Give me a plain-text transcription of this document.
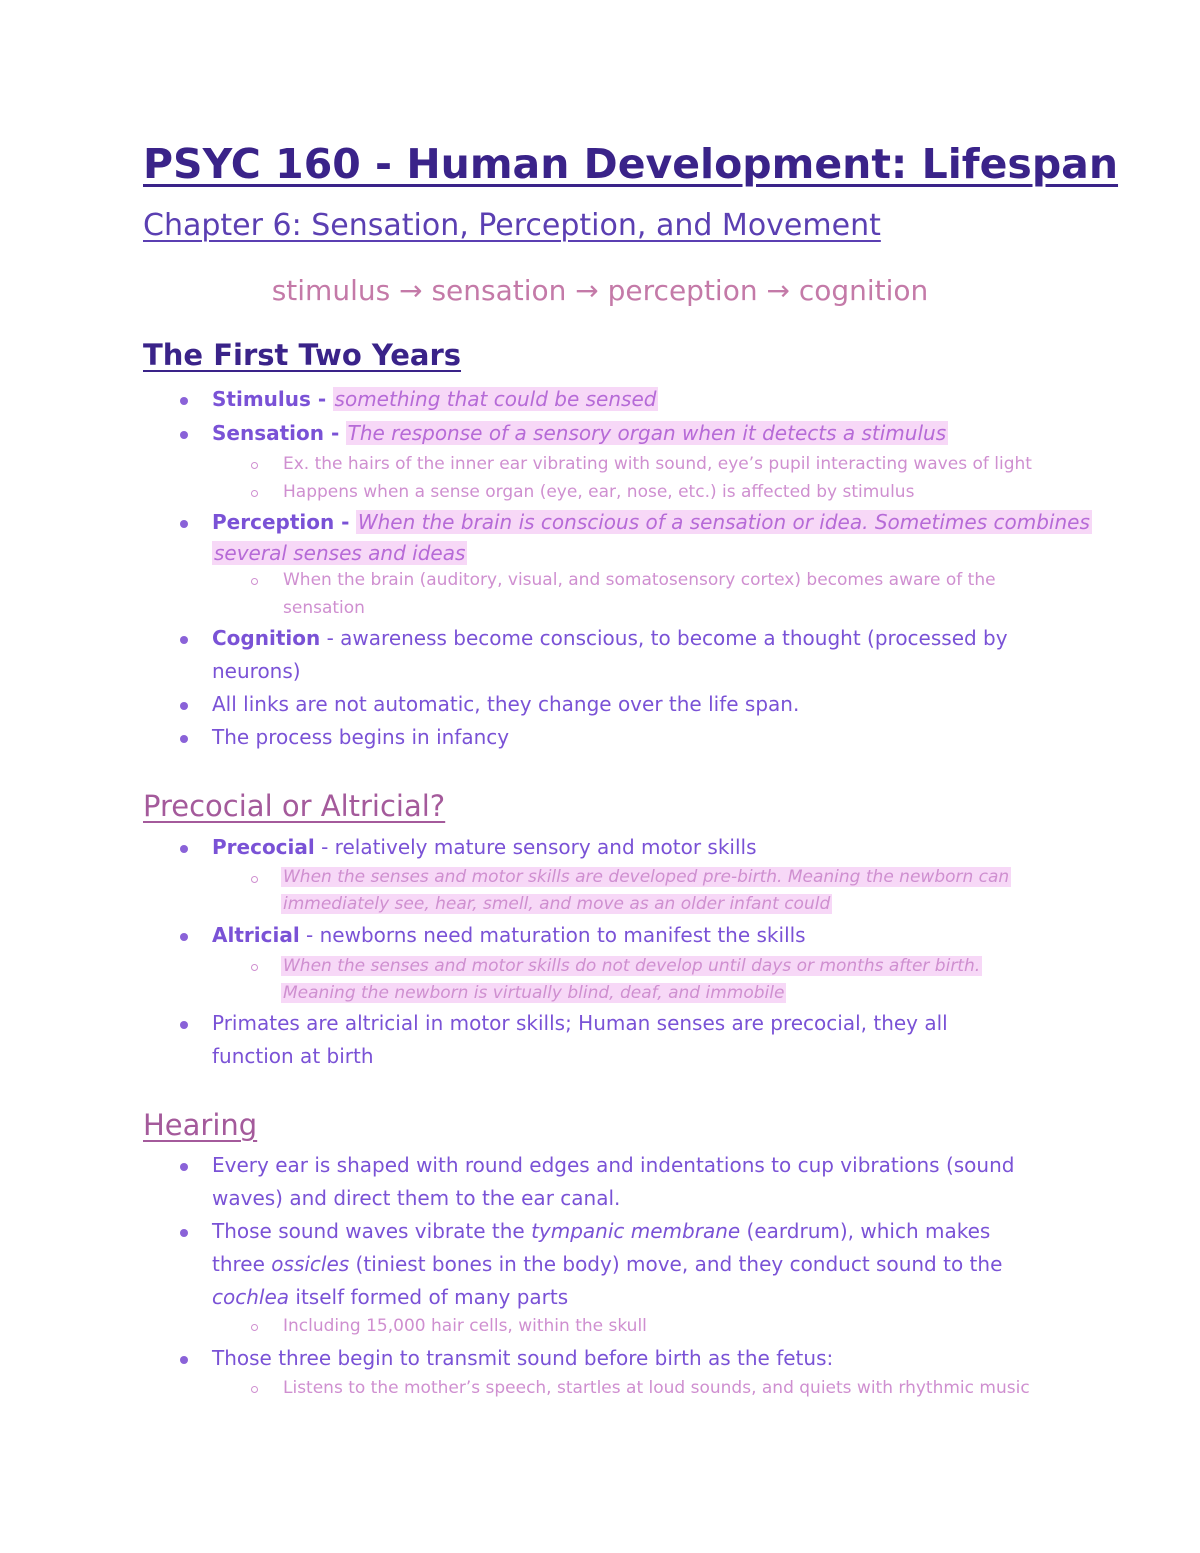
PSYC 160 - Human Development: Lifespan
Chapter 6: Sensation, Perception, and Movement
stimulus → sensation → perception → cognition
The First Two Years
Stimulus - something that could be sensed
Sensation - The response of a sensory organ when it detects a stimulus
Ex. the hairs of the inner ear vibrating with sound, eye’s pupil interacting waves of light
Happens when a sense organ (eye, ear, nose, etc.) is affected by stimulus
Perception - When the brain is conscious of a sensation or idea. Sometimes combines
several senses and ideas
When the brain (auditory, visual, and somatosensory cortex) becomes aware of the
sensation
Cognition - awareness become conscious, to become a thought (processed by
neurons)
All links are not automatic, they change over the life span.
The process begins in infancy
Precocial or Altricial?
Precocial - relatively mature sensory and motor skills
When the senses and motor skills are developed pre-birth. Meaning the newborn can
immediately see, hear, smell, and move as an older infant could
Altricial - newborns need maturation to manifest the skills
When the senses and motor skills do not develop until days or months after birth.
Meaning the newborn is virtually blind, deaf, and immobile
Primates are altricial in motor skills; Human senses are precocial, they all
function at birth
Hearing
Every ear is shaped with round edges and indentations to cup vibrations (sound
waves) and direct them to the ear canal.
Those sound waves vibrate the tympanic membrane (eardrum), which makes
three ossicles (tiniest bones in the body) move, and they conduct sound to the
cochlea itself formed of many parts
Including 15,000 hair cells, within the skull
Those three begin to transmit sound before birth as the fetus:
Listens to the mother’s speech, startles at loud sounds, and quiets with rhythmic music
